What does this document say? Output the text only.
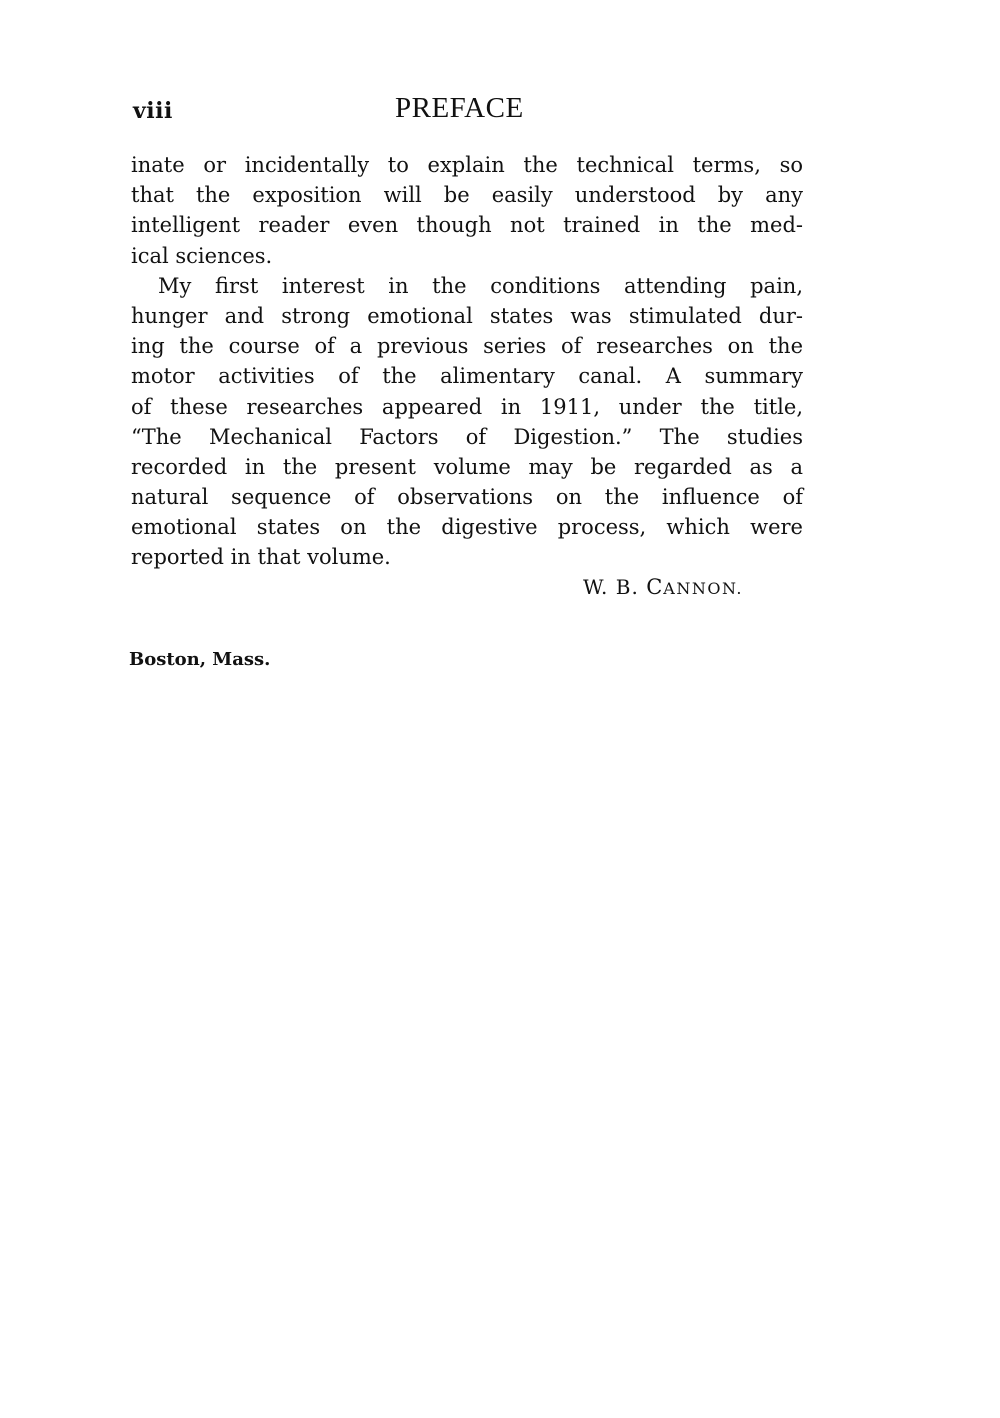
viii	PREFACE
inate or incidentally to explain the technical terms, so
that the exposition will be easily understood by any
intelligent reader even though not trained in the med-
ical sciences.
My first interest in the conditions attending pain,
hunger and strong emotional states was stimulated dur-
ing the course of a previous series of researches on the
motor activities of the alimentary canal. A summary
of these researches appeared in 1911, under the title,
“The Mechanical Factors of Digestion.” The studies
recorded in the present volume may be regarded as a
natural sequence of observations on the influence of
emotional states on the digestive process, which were
reported in that volume.
W. B. CANNON.
Boston, Mass.
